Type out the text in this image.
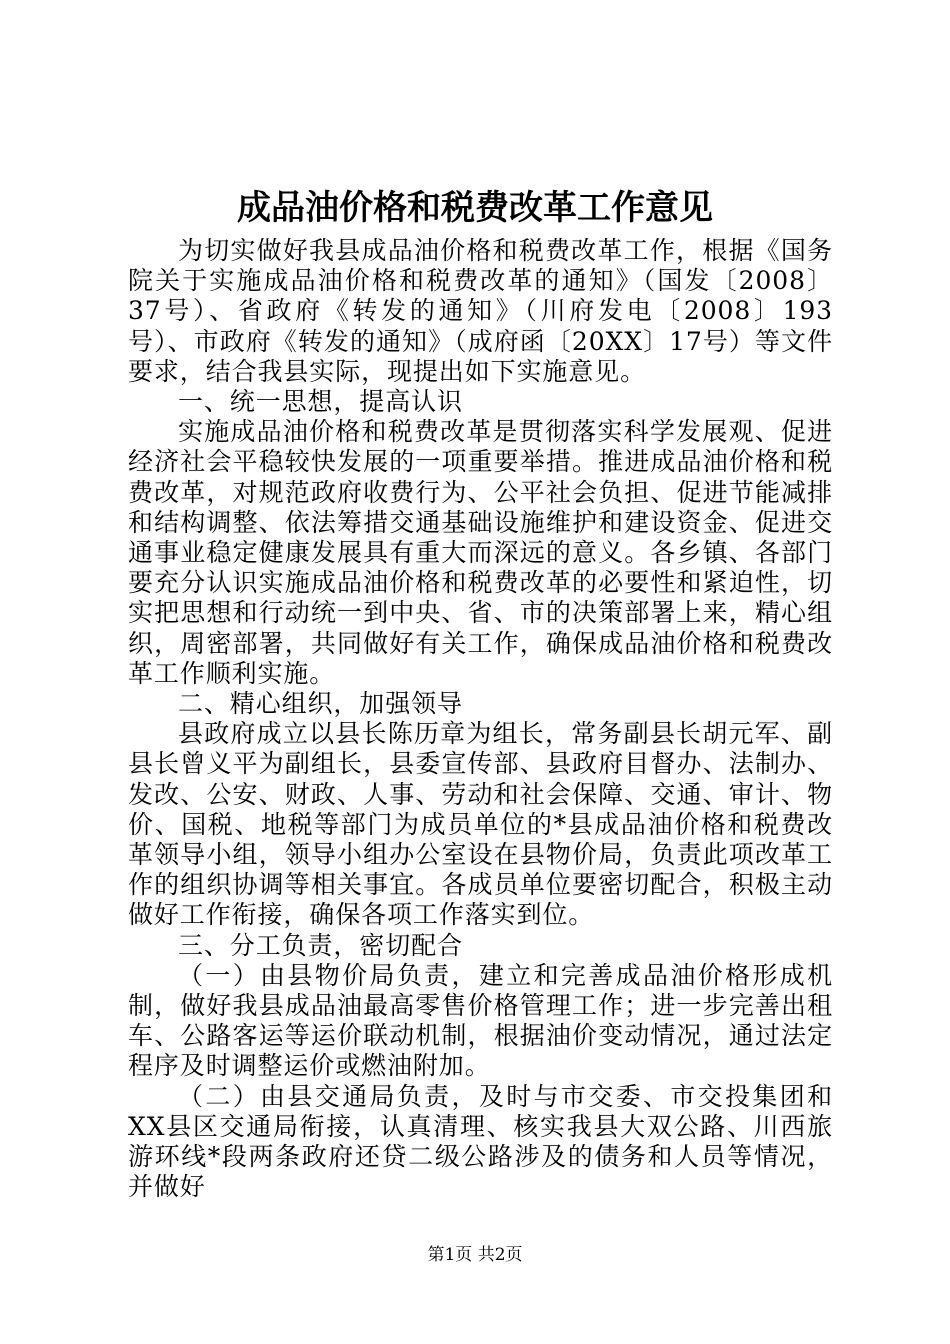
成品油价格和税费改革工作意见

为切实做好我县成品油价格和税费改革工作，根据《国务院关于实施成品油价格和税费改革的通知》（国发〔2008〕37号）、省政府《转发的通知》（川府发电〔2008〕193号）、市政府《转发的通知》（成府函〔20XX〕17号）等文件要求，结合我县实际，现提出如下实施意见。

一、统一思想，提高认识

实施成品油价格和税费改革是贯彻落实科学发展观、促进经济社会平稳较快发展的一项重要举措。推进成品油价格和税费改革，对规范政府收费行为、公平社会负担、促进节能减排和结构调整、依法筹措交通基础设施维护和建设资金、促进交通事业稳定健康发展具有重大而深远的意义。各乡镇、各部门要充分认识实施成品油价格和税费改革的必要性和紧迫性，切实把思想和行动统一到中央、省、市的决策部署上来，精心组织，周密部署，共同做好有关工作，确保成品油价格和税费改革工作顺利实施。

二、精心组织，加强领导

县政府成立以县长陈历章为组长，常务副县长胡元军、副县长曾义平为副组长，县委宣传部、县政府目督办、法制办、发改、公安、财政、人事、劳动和社会保障、交通、审计、物价、国税、地税等部门为成员单位的*县成品油价格和税费改革领导小组，领导小组办公室设在县物价局，负责此项改革工作的组织协调等相关事宜。各成员单位要密切配合，积极主动做好工作衔接，确保各项工作落实到位。

三、分工负责，密切配合

（一）由县物价局负责，建立和完善成品油价格形成机制，做好我县成品油最高零售价格管理工作；进一步完善出租车、公路客运等运价联动机制，根据油价变动情况，通过法定程序及时调整运价或燃油附加。

（二）由县交通局负责，及时与市交委、市交投集团和XX县区交通局衔接，认真清理、核实我县大双公路、川西旅游环线*段两条政府还贷二级公路涉及的债务和人员等情况，并做好

第1页 共2页
